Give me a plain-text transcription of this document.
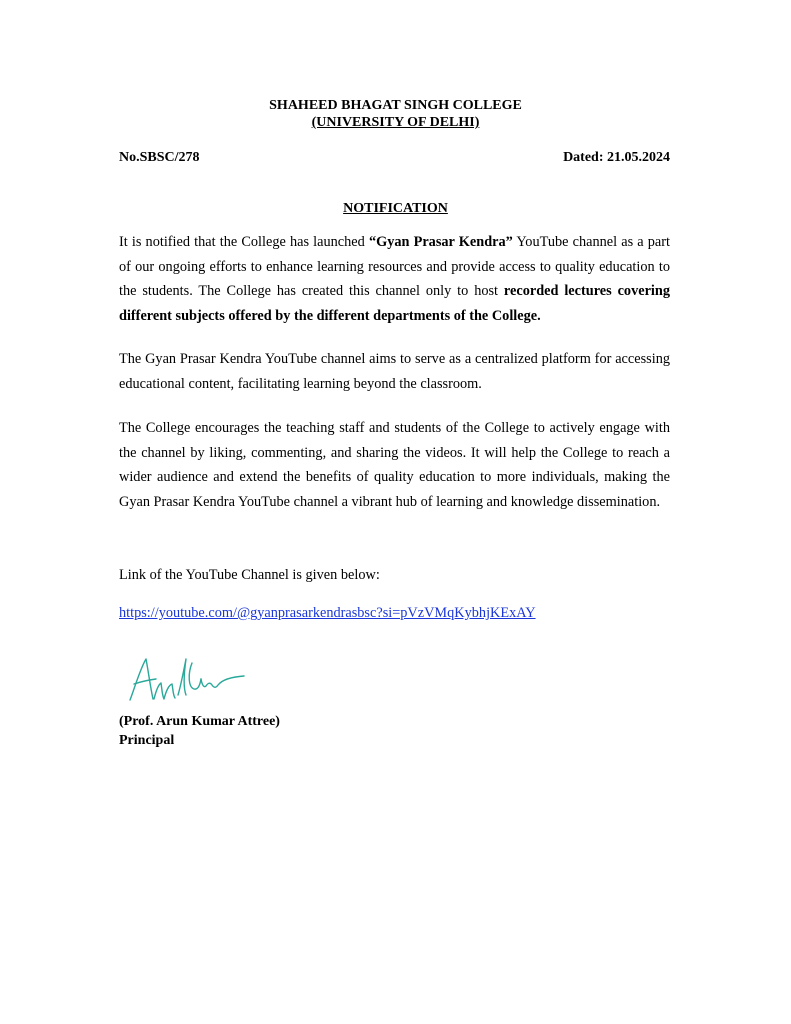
SHAHEED BHAGAT SINGH COLLEGE
(UNIVERSITY OF DELHI)
No.SBSC/278	Dated: 21.05.2024
NOTIFICATION

It is notified that the College has launched “Gyan Prasar Kendra” YouTube channel as a part of our ongoing efforts to enhance learning resources and provide access to quality education to the students. The College has created this channel only to host recorded lectures covering different subjects offered by the different departments of the College.

The Gyan Prasar Kendra YouTube channel aims to serve as a centralized platform for accessing educational content, facilitating learning beyond the classroom.

The College encourages the teaching staff and students of the College to actively engage with the channel by liking, commenting, and sharing the videos. It will help the College to reach a wider audience and extend the benefits of quality education to more individuals, making the Gyan Prasar Kendra YouTube channel a vibrant hub of learning and knowledge dissemination.

Link of the YouTube Channel is given below:

https://youtube.com/@gyanprasarkendrasbsc?si=pVzVMqKybhjKExAY
(Prof. Arun Kumar Attree)
Principal
